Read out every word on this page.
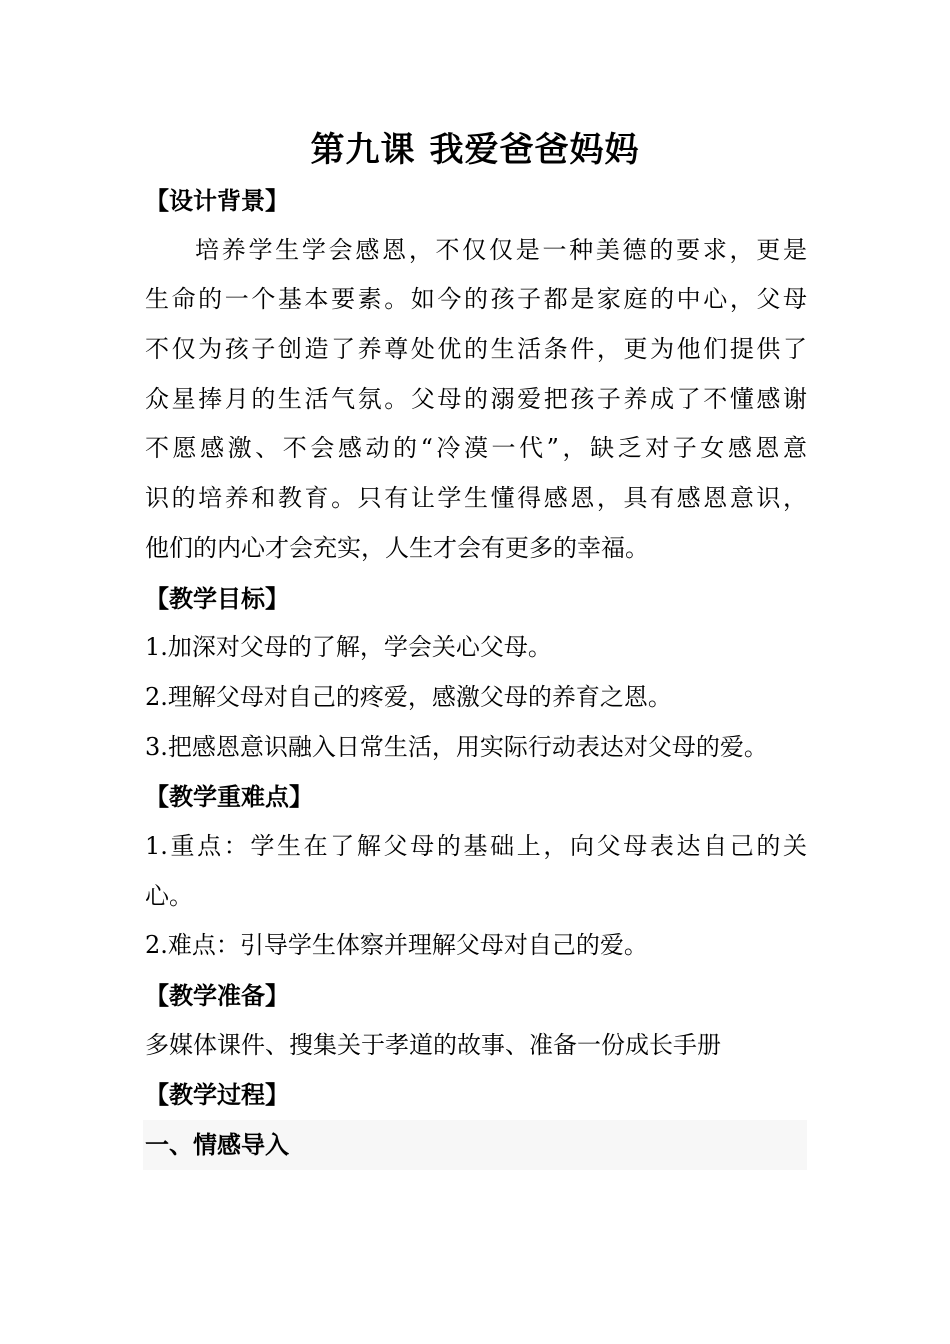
第九课 我爱爸爸妈妈
【设计背景】
培养学生学会感恩，不仅仅是一种美德的要求，更是
生命的一个基本要素。如今的孩子都是家庭的中心，父母
不仅为孩子创造了养尊处优的生活条件，更为他们提供了
众星捧月的生活气氛。父母的溺爱把孩子养成了不懂感谢
不愿感激、不会感动的“冷漠一代”，缺乏对子女感恩意
识的培养和教育。只有让学生懂得感恩，具有感恩意识，
他们的内心才会充实，人生才会有更多的幸福。
【教学目标】
1.加深对父母的了解，学会关心父母。
2.理解父母对自己的疼爱，感激父母的养育之恩。
3.把感恩意识融入日常生活，用实际行动表达对父母的爱。
【教学重难点】
1.重点：学生在了解父母的基础上，向父母表达自己的关
心。
2.难点：引导学生体察并理解父母对自己的爱。
【教学准备】
多媒体课件、搜集关于孝道的故事、准备一份成长手册
【教学过程】
一、情感导入
